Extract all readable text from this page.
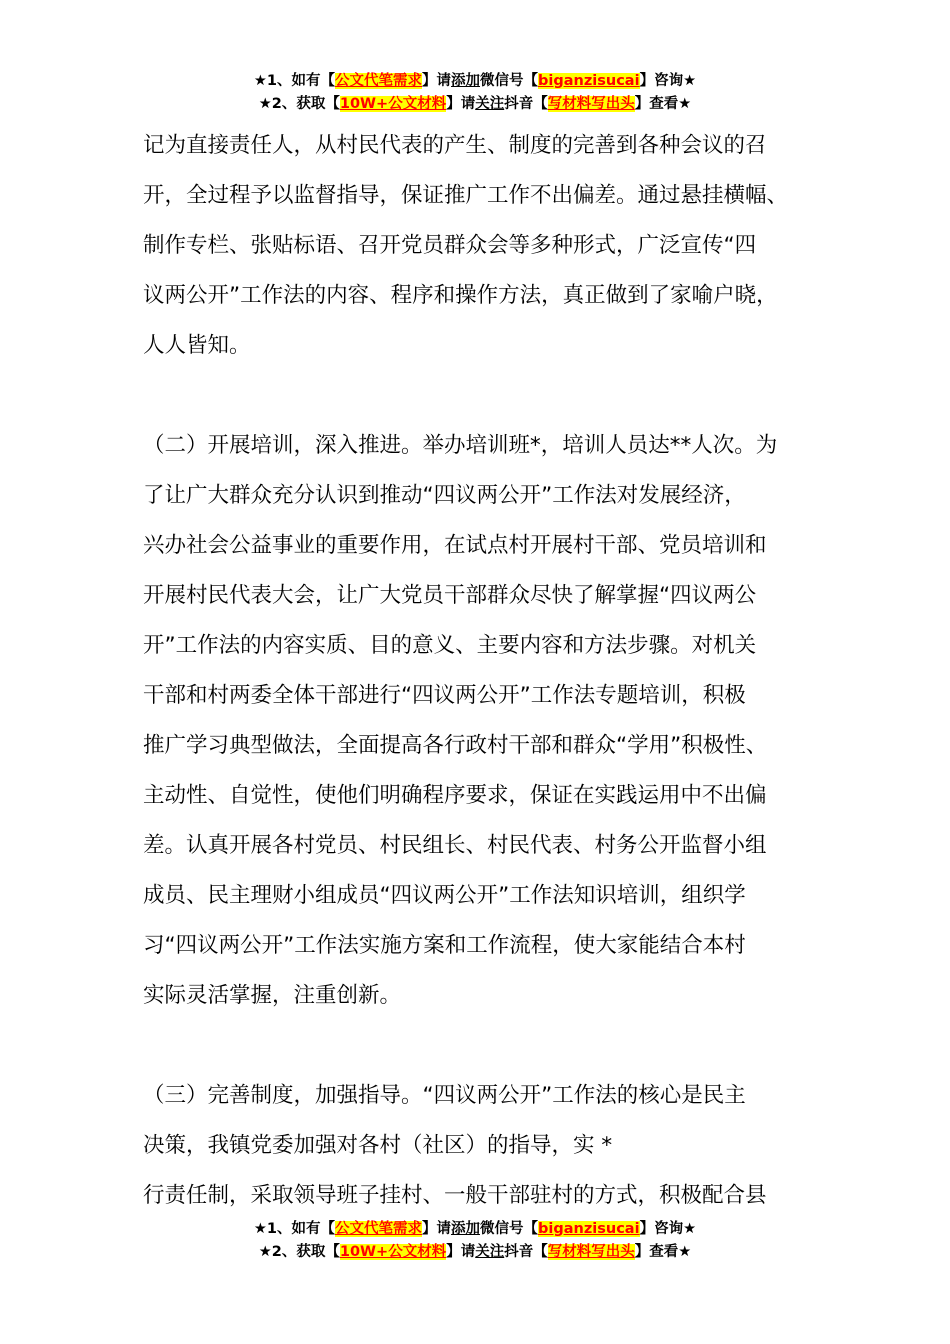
★1、如有【公文代笔需求】请添加微信号【biganzisucai】咨询★
★2、获取【10W+公文材料】请关注抖音【写材料写出头】查看★
记为直接责任人，从村民代表的产生、制度的完善到各种会议的召
开，全过程予以监督指导，保证推广工作不出偏差。通过悬挂横幅、
制作专栏、张贴标语、召开党员群众会等多种形式，广泛宣传“四
议两公开”工作法的内容、程序和操作方法，真正做到了家喻户晓，
人人皆知。
（二）开展培训，深入推进。举办培训班*，培训人员达**人次。为
了让广大群众充分认识到推动“四议两公开”工作法对发展经济，
兴办社会公益事业的重要作用，在试点村开展村干部、党员培训和
开展村民代表大会，让广大党员干部群众尽快了解掌握“四议两公
开”工作法的内容实质、目的意义、主要内容和方法步骤。对机关
干部和村两委全体干部进行“四议两公开”工作法专题培训，积极
推广学习典型做法，全面提高各行政村干部和群众“学用”积极性、
主动性、自觉性，使他们明确程序要求，保证在实践运用中不出偏
差。认真开展各村党员、村民组长、村民代表、村务公开监督小组
成员、民主理财小组成员“四议两公开”工作法知识培训，组织学
习“四议两公开”工作法实施方案和工作流程，使大家能结合本村
实际灵活掌握，注重创新。
（三）完善制度，加强指导。“四议两公开”工作法的核心是民主
决策，我镇党委加强对各村（社区）的指导，实 *
行责任制，采取领导班子挂村、一般干部驻村的方式，积极配合县
★1、如有【公文代笔需求】请添加微信号【biganzisucai】咨询★
★2、获取【10W+公文材料】请关注抖音【写材料写出头】查看★
